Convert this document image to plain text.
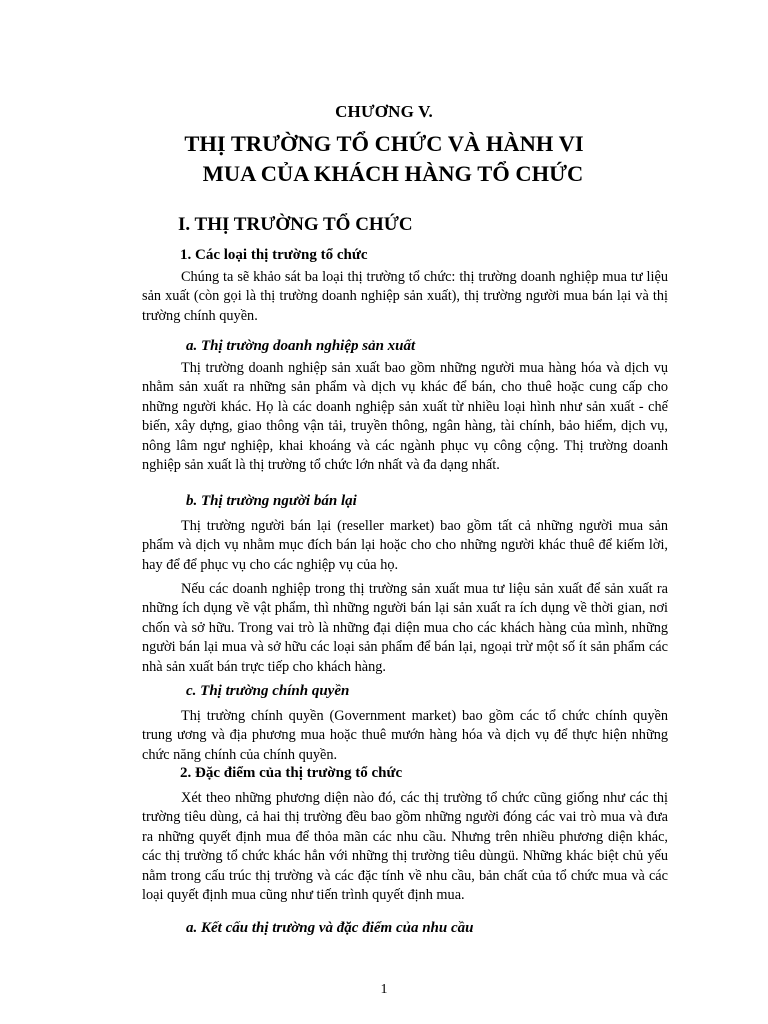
CHƯƠNG V.
THỊ TRƯỜNG TỔ CHỨC VÀ HÀNH VI
MUA CỦA KHÁCH HÀNG TỔ CHỨC
I. THỊ TRƯỜNG TỔ CHỨC
1. Các loại thị trường tổ chức

Chúng ta sẽ khảo sát ba loại thị trường tổ chức: thị trường doanh nghiệp mua tư liệu sản xuất (còn gọi là thị trường doanh nghiệp sản xuất), thị trường người mua bán lại và thị trường chính quyền.

a. Thị trường doanh nghiệp sản xuất

Thị trường doanh nghiệp sản xuất bao gồm những người mua hàng hóa và dịch vụ nhằm sản xuất ra những sản phẩm và dịch vụ khác để bán, cho thuê hoặc cung cấp cho những người khác. Họ là các doanh nghiệp sản xuất từ nhiều loại hình như sản xuất - chế biến, xây dựng, giao thông vận tải, truyền thông, ngân hàng, tài chính, bảo hiểm, dịch vụ, nông lâm ngư nghiệp, khai khoáng và các ngành phục vụ công cộng. Thị trường doanh nghiệp sản xuất là thị trường tổ chức lớn nhất và đa dạng nhất.

b. Thị trường người bán lại

Thị trường người bán lại (reseller market) bao gồm tất cả những người mua sản phẩm và dịch vụ nhằm mục đích bán lại hoặc cho cho những người khác thuê để kiếm lời, hay để để phục vụ cho các nghiệp vụ của họ.

Nếu các doanh nghiệp trong thị trường sản xuất mua tư liệu sản xuất để sản xuất ra những ích dụng về vật phẩm, thì những người bán lại sản xuất ra ích dụng về thời gian, nơi chốn và sở hữu. Trong vai trò là những đại diện mua cho các khách hàng của mình, những người bán lại mua và sở hữu các loại sản phẩm để bán lại, ngoại trừ một số ít sản phẩm các nhà sản xuất bán trực tiếp cho khách hàng.

c. Thị trường chính quyền

Thị trường chính quyền (Government market) bao gồm các tổ chức chính quyền trung ương và địa phương mua hoặc thuê mướn hàng hóa và dịch vụ để thực hiện những chức năng chính của chính quyền.

2. Đặc điểm của thị trường tổ chức

Xét theo những phương diện nào đó, các thị trường tổ chức cũng giống như các thị trường tiêu dùng, cả hai thị trường đều bao gồm những người đóng các vai trò mua và đưa ra những quyết định mua để thỏa mãn các nhu cầu. Nhưng trên nhiều phương diện khác, các thị trường tổ chức khác hẳn với những thị trường tiêu dùngü. Những khác biệt chủ yếu nằm trong cấu trúc thị trường và các đặc tính về nhu cầu, bản chất của tổ chức mua và các loại quyết định mua cũng như tiến trình quyết định mua.

a. Kết cấu thị trường và đặc điểm của nhu cầu
1
